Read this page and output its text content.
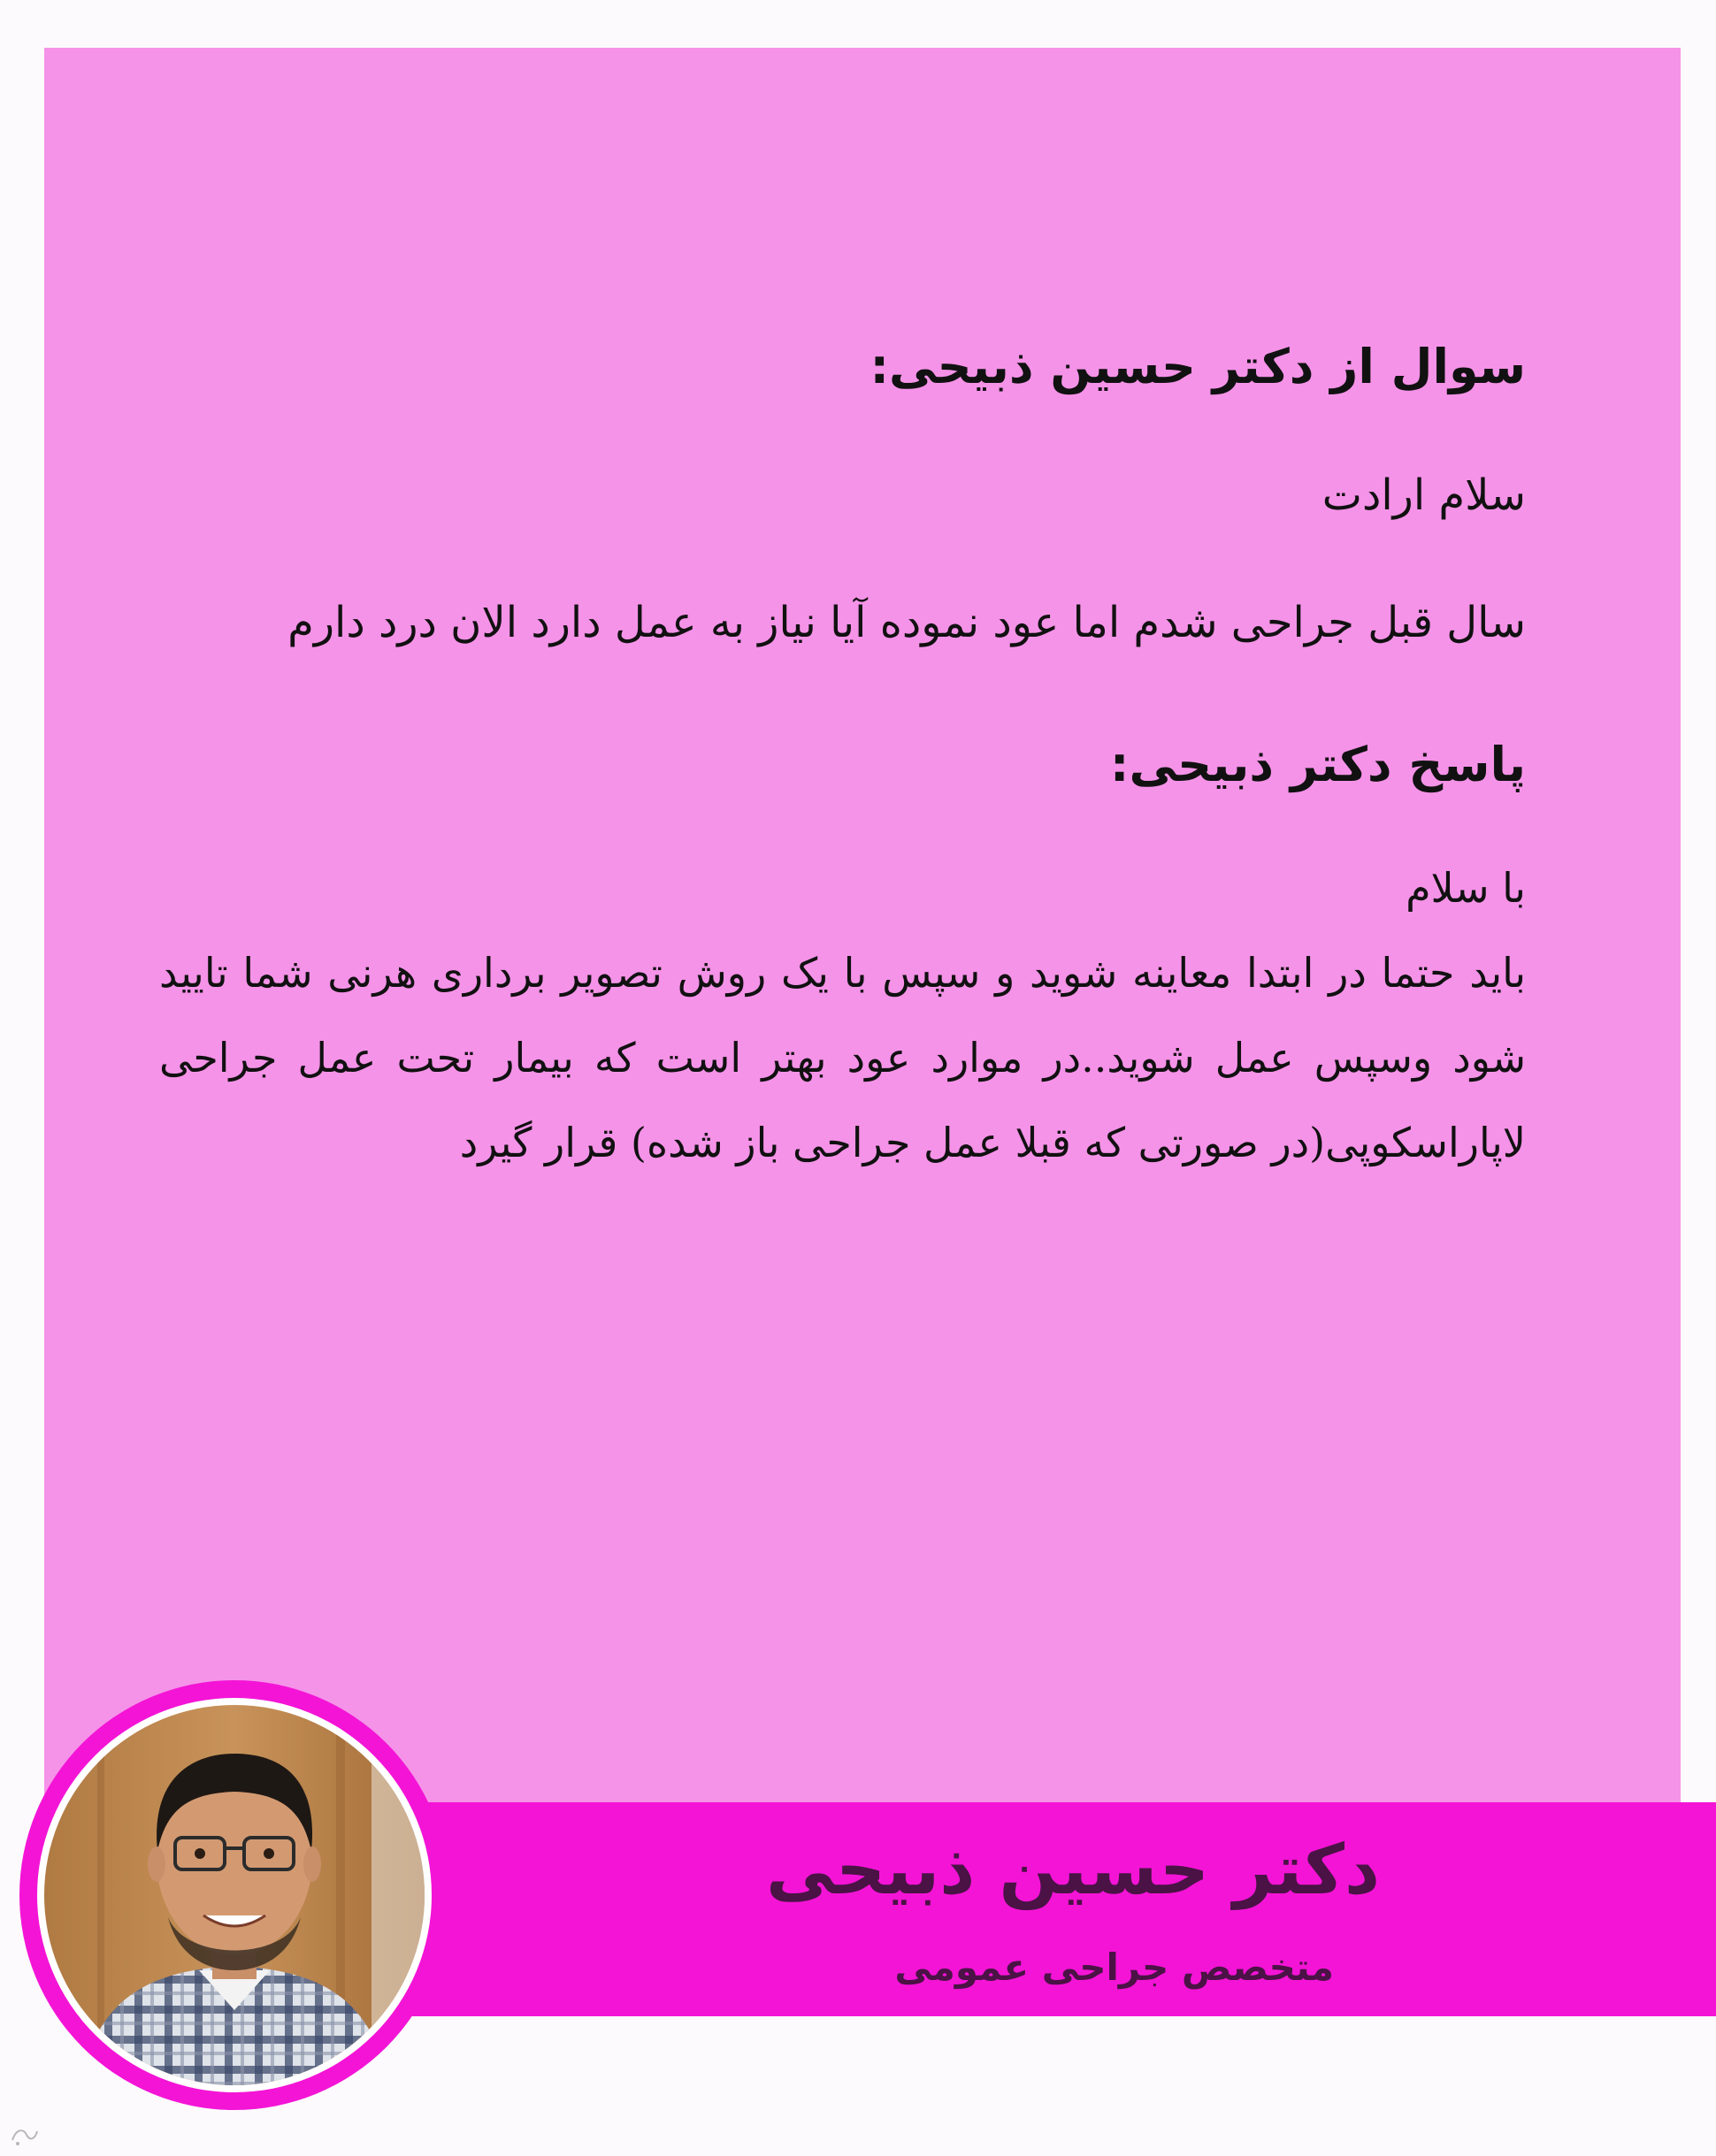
سوال از دکتر حسین ذبیحی:

سلام ارادت

سال قبل جراحی شدم اما عود نموده آیا نیاز به عمل دارد الان درد دارم

پاسخ دکتر ذبیحی:

با سلام

باید حتما در ابتدا معاینه شوید و سپس با یک روش تصویر برداری هرنی شما تایید شود وسپس عمل شوید..در موارد عود بهتر است که بیمار تحت عمل جراحی لاپاراسکوپی(در صورتی که قبلا عمل جراحی باز شده) قرار گیرد

دکتر حسین ذبیحی
متخصص جراحی عمومی
